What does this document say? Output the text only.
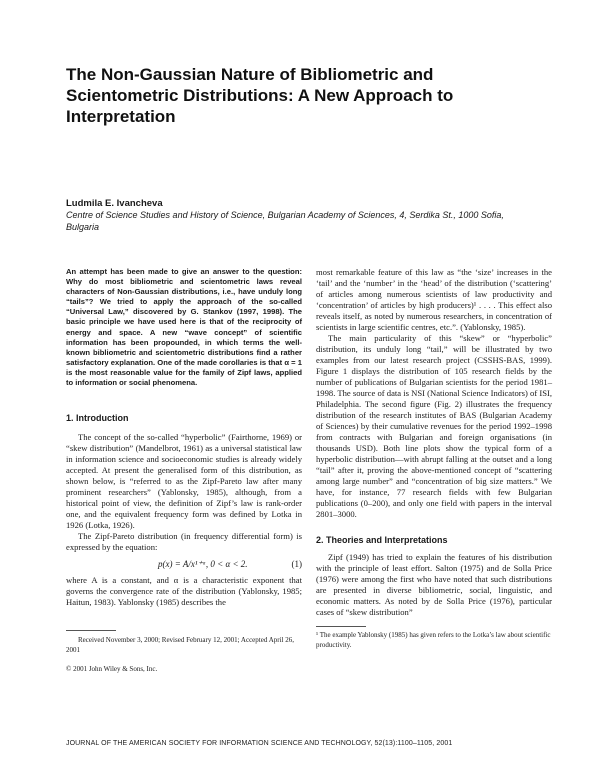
The Non-Gaussian Nature of Bibliometric and Scientometric Distributions: A New Approach to Interpretation

Ludmila E. Ivancheva

Centre of Science Studies and History of Science, Bulgarian Academy of Sciences, 4, Serdika St., 1000 Sofia, Bulgaria

An attempt has been made to give an answer to the question: Why do most bibliometric and scientometric laws reveal characters of Non-Gaussian distributions, i.e., have unduly long “tails”? We tried to apply the approach of the so-called “Universal Law,” discovered by G. Stankov (1997, 1998). The basic principle we have used here is that of the reciprocity of energy and space. A new “wave concept” of scientific information has been propounded, in which terms the well-known bibliometric and scientometric distributions find a rather satisfactory explanation. One of the made corollaries is that α = 1 is the most reasonable value for the family of Zipf laws, applied to information or social phenomena.

1. Introduction

The concept of the so-called “hyperbolic” (Fairthorne, 1969) or “skew distribution” (Mandelbrot, 1961) as a universal statistical law in information science and socioeconomic studies is already widely accepted. At present the generalised form of this distribution, as shown below, is “referred to as the Zipf-Pareto law after many prominent researchers” (Yablonsky, 1985), although, from a historical point of view, the definition of Zipf’s law is rank-order one, and the equivalent frequency form was defined by Lotka in 1926 (Lotka, 1926).

The Zipf-Pareto distribution (in frequency differential form) is expressed by the equation:

p(x) = A/x¹⁺ᵅ, 0 < α < 2.	(1)

where A is a constant, and α is a characteristic exponent that governs the convergence rate of the distribution (Yablonsky, 1985; Haitun, 1983). Yablonsky (1985) describes the

Received November 3, 2000; Revised February 12, 2001; Accepted April 26, 2001

© 2001 John Wiley & Sons, Inc.

most remarkable feature of this law as “the ‘size’ increases in the ‘tail’ and the ‘number’ in the ‘head’ of the distribution (‘scattering’ of articles among numerous scientists of law productivity and ‘concentration’ of articles by high producers)¹ . . . . This effect also reveals itself, as noted by numerous researchers, in concentration of scientists in large scientific centres, etc.”. (Yablonsky, 1985).

The main particularity of this “skew” or “hyperbolic” distribution, its unduly long “tail,” will be illustrated by two examples from our latest research project (CSSHS-BAS, 1999). Figure 1 displays the distribution of 105 research fields by the number of publications of Bulgarian scientists for the period 1981–1998. The source of data is NSI (National Science Indicators) of ISI, Philadelphia. The second figure (Fig. 2) illustrates the frequency distribution of the research institutes of BAS (Bulgarian Academy of Sciences) by their cumulative revenues for the period 1992–1998 from contracts with Bulgarian and foreign organisations (in thousands USD). Both line plots show the typical form of a hyperbolic distribution—with abrupt falling at the outset and a long “tail” after it, proving the above-mentioned concept of “scattering among large number” and “concentration of big size matters.” We have, for instance, 77 research fields with few Bulgarian publications (0–200), and only one field with papers in the interval 2801–3000.

2. Theories and Interpretations

Zipf (1949) has tried to explain the features of his distribution with the principle of least effort. Salton (1975) and de Solla Price (1976) were among the first who have noted that such distributions are presented in diverse bibliometric, social, linguistic, and economic matters. As noted by de Solla Price (1976), particular cases of “skew distribution”

¹ The example Yablonsky (1985) has given refers to the Lotka’s law about scientific productivity.

JOURNAL OF THE AMERICAN SOCIETY FOR INFORMATION SCIENCE AND TECHNOLOGY, 52(13):1100–1105, 2001
